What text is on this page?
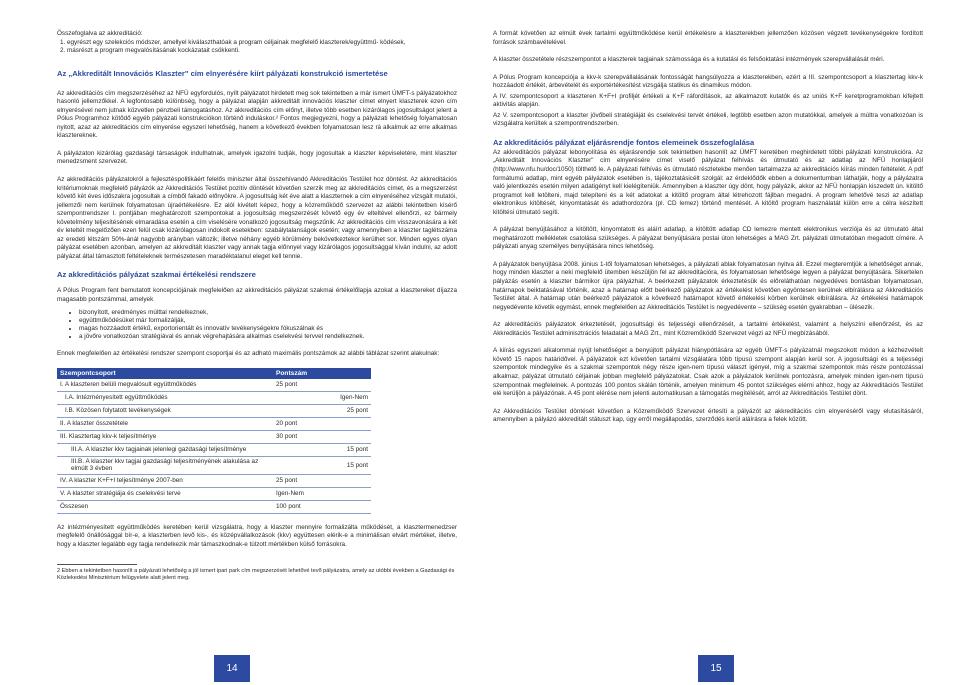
Összefoglalva az akkreditáció:

1. egyrészt egy szelekciós módszer, amellyel kiválaszthatóak a program céljainak megfelelő klaszterek/együttmű- ködések,
2. másrészt a program megvalósításának kockázatait csökkenti.
Az „Akkreditált Innovációs Klaszter" cím elnyerésére kiírt pályázati konstrukció ismertetése

Az akkreditációs cím megszerzéséhez az NFÜ egyfordulós, nyílt pályázatot hirdetett meg sok tekintetben a már ismert ÚMFT-s pályázatokhoz hasonló jellemzőkkel. A legfontosabb különbség, hogy a pályázat alapján akkreditált innovációs klaszter címet elnyert klaszterek ezen cím elnyerésével nem jutnak közvetlen pénzbeli támogatáshoz. Az akkreditációs cím előnyt, illetve több esetben kizárólagos jogosultságot jelent a Pólus Programhoz kötődő egyéb pályázati konstrukciókon történő induláskor.² Fontos megjegyezni, hogy a pályázati lehetőség folyamatosan nyitott, azaz az akkreditációs cím elnyerése egyszeri lehetőség, hanem a következő években folyamatosan lesz rá alkalmuk az erre alkalmas klasztereknek.

A pályázaton kizárólag gazdasági társaságok indulhatnak, amelyek igazolni tudják, hogy jogosultak a klaszter képviseletére, mint klaszter menedzsment szervezet.

Az akkreditációs pályázatokról a fejlesztéspolitikáért felelős miniszter által összehívandó Akkreditációs Testület hoz döntést. Az akkreditációs kritériumoknak megfelelő pályázók az Akkreditációs Testület pozitív döntését követően szerzik meg az akkreditációs címet, és a megszerzést követő két éves időszakra jogosultak a címből fakadó előnyökre. A jogosultság két éve alatt a klaszternek a cím elnyeréséhez vizsgált mutatói, jellemzői nem kerülnek folyamatosan újraértékelésre. Ez alól kivételt képez, hogy a közreműködő szervezet az alábbi tekintetben kísérő szempontrendszer I. pontjában meghatározott szempontokat a jogosultság megszerzését követő egy év elteltével ellenőrzi, ez bármely követelmény teljesítésének elmaradása esetén a cím viselésére vonatkozó jogosultság megszűnik. Az akkreditációs cím visszavonására a két év leteltét megelőzően ezen felül csak kizárólagosan indokolt esetekben: szabálytalanságok esetén; vagy amennyiben a klaszter taglétszáma az eredeti létszám 50%-ánál nagyobb arányban változik; illetve néhány egyéb körülmény bekövetkeztekor kerülhet sor. Minden egyes olyan pályázat esetében azonban, amelyen az akkreditált klaszter vagy annak tagja előnnyel vagy kizárólagos jogosultsággal kíván indulni, az adott pályázat által támasztott feltételeknek természetesen maradéktalanul eleget kell tenniе.

Az akkreditációs pályázat szakmai értékelési rendszere

A Pólus Program fent bemutatott koncepciójának megfelelően az akkreditációs pályázat szakmai értékelőlapja azokat a klasztereket díjazza magasabb pontszámmal, amelyek

• bizonyított, eredményes múlttal rendelkeznek,
• együttműködésüket már formalizálják,
• magas hozzáadott értékű, exportorientált és innovatív tevékenységekre fókuszálnak és
• a jövőre vonatkozóan stratégiával és annak végrehajtására alkalmas cselekvési tervvel rendelkeznek.

Ennek megfelelően az értékelési rendszer szempont csoportjai és az adható maximális pontszámok az alábbi táblázat szerint alakulnak:

Szempontcsoport	Pontszám
I. A klaszteren belüli megvalósult együttműködés	25 pont
I.A. Intézményesített együttműködés	Igen-Nem
I.B. Közösen folytatott tevékenységek	25 pont
II. A klaszter összetétele	20 pont
III. Klasztertag kkv-k teljesítménye	30 pont
III.A. A klaszter kkv tagjainak jelenlegi gazdasági teljesítménye	15 pont
III.B. A klaszter kkv tagjai gazdasági teljesítményének alakulása az elmúlt 3 évben	15 pont
IV. A klaszter K+F+I teljesítménye 2007-ben	25 pont
V. A klaszter stratégiája és cselekvési terve	Igen-Nem
Összesen	100 pont

Az intézményesített együttműködés keretében kerül vizsgálatra, hogy a klaszter mennyire formalizálta működését, a klasztermenedzser megfelelő önállósággal bír-e, a klaszterben levő kis-, és középvállalkozások (kkv) együttesen elérik-e a minimálisan elvárt mértéket, illetve, hogy a klaszter legalább egy tagja rendelkezik már támaszkodnak-e túlzott mértékben külső forrásokra.

2 Ebben a tekintetben hasonlít a pályázati lehetőség a jól ismert ipari park cím megszerzését lehetővé tevő pályázatra, amely az utóbbi években a Gazdasági és Közlekedési Minisztérium felügyelete alatt jelent meg.
14

A formát követően az elmúlt évek tartalmi együttműködése kerül értékelésre a klaszterekben jellemzően közösen végzett tevékenységekre fordított források számbavételével.

A klaszter összetétele részszempontot a klaszterek tagjainak számossága és a kutatási és felsőoktatási intézmények szerepvállalását méri.

A Pólus Program koncepciója a kkv-k szerepvállalásának fontosságát hangsúlyozza a klaszterekben, ezért a III. szempontcsoport a klasztertag kkv-k hozzáadott értékét, árbevételét és exportértékesítést vizsgálja statikus és dinamikus módon.

A IV. szempontcsoport a klaszteren K+F+I profiljét értékeli a K+F ráfordítások, az alkalmazott kutatók és az uniós K+F keretprogramokban kifejtett aktivitás alapján.

Az V. szempontcsoport a klaszter jövőbeli stratégiáját és cselekvési tervét értékeli, legtöbb esetben azon mutatókkal, amelyek a múltra vonatkozóan is vizsgálatra kerültek a szempontrendszerben.

Az akkreditációs pályázat eljárásrendje fontos elemeinek összefoglalása

Az akkreditációs pályázat lebonyolítása és eljárásrendje sok tekintetben hasonlít az ÚMFT keretében meghirdetett többi pályázati konstrukcióra. Az „Akkreditált Innovációs Klaszter" cím elnyerésére címet viselő pályázat felhívás és útmutató és az adatlap az NFÜ honlapjáról (http://www.nfu.hu/doc/1050) tölthető le. A pályázati felhívás és útmutató részletekbe menően tartalmazza az akkreditációs kiírás minden feltételét. A pdf formátumú adatlap, mint egyéb pályázatok esetében is, tájékoztatásicélt szolgál: az érdeklődők ebben a dokumentumban láthatják, hogy a pályázatra való jelentkezés esetén milyen adatigényt kell kielégíteniük. Amennyiben a klaszter úgy dönt, hogy pályázik, akkor az NFÜ honlapján kiszedett ún. kitöltő programot kell letölteni, majd telepíteni és a két adatokat a kitöltő program által létrehozott fájlban megadni. A program lehetővé teszi az adatlap elektronikus kitöltését, kinyomtatását és adathordozóra (pl. CD lemez) történő mentését. A kitöltő program használatát külön erre a célra készített kitöltési útmutató segíti.

A pályázat benyújtásához a kitöltött, kinyomtatott és aláírt adatlap, a kitöltött adatlap CD lemezre mentett elektronikus verziója és az útmutató által meghatározott mellékletek csatolása szükséges. A pályázat benyújtására postai úton lehetséges a MAG Zrt. pályázati útmutatóban megadott címére. A pályázati anyag személyes benyújtására nincs lehetőség.

A pályázatok benyújtása 2008. június 1-től folyamatosan lehetséges, a pályázati ablak folyamatosan nyitva áll. Ezzel megteremtjük a lehetőséget annak, hogy minden klaszter a neki megfelelő ütemben készüljön fel az akkreditációra, és folyamatosan lehetősége legyen a pályázat benyújtására. Sikertelen pályázás esetén a klaszter bármikor újra pályázhat. A beérkezett pályázatok érkeztetésük és előreláthatóan negyedéves bontásban folyamatosan, határnapok beiktatásával történik, azaz a határnap előtt beérkező pályázatok az értékelést követően egyöntesen kerülnek elbírálásra az Akkreditációs Testület által. A határnap után beérkező pályázatok a következő határnapot követő értékelési körben kerülnek elbírálásra. Az értékelési határnapok negyedévente követik egymást, ennek megfelelően az Akkreditációs Testület is negyedévente – szükség esetén gyakrabban – ülésezik.

Az akkreditációs pályázatok érkeztetését, jogosultsági és teljességi ellenőrzését, a tartalmi értékelést, valamint a helyszíni ellenőrzést, és az Akkreditációs Testület adminisztrációs feladatait a MAG Zrt., mint Közreműködő Szervezet végzi az NFÜ megbízásából.

A kiírás egyszeri alkalommal nyújt lehetőséget a benyújtott pályázat hiánypótlására az egyéb ÚMFT-s pályázatnál megszokott módon a kézhezvételt követő 15 napos határidővel. A pályázatok ezt követően tartalmi vizsgálatára több típusú szempont alapján kerül sor. A jogosultsági és a teljességi szempontok mindegyike és a szakmai szempontok négy része igen-nem típusú választ igényel, míg a szakmai szempontok más része pontozással alkalmaz, pályázat útmutató céljainak jobban megfelelő pályázatokat. Csak azok a pályázatok kerülnek pontozásra, amelyek minden igen-nem típusú szempontnak megfelelnek. A pontozás 100 pontos skálán történik, amelyen minimum 45 pontot szükséges elérni ahhoz, hogy az Akkreditációs Testület elé kerüljön a pályázónak. A 45 pont elérése nem jelenti automatikusan a támogatás megítélését, arról az Akkreditációs Testület dönt.

Az Akkreditációs Testület döntését követően a Közreműködő Szervezet értesíti a pályázót az akkreditációs cím elnyeréséről vagy elutasításáról, amennyiben a pályázó akkreditált státuszt kap, úgy erről megállapodás, szerződés kerül aláírásra a felek között.

15
